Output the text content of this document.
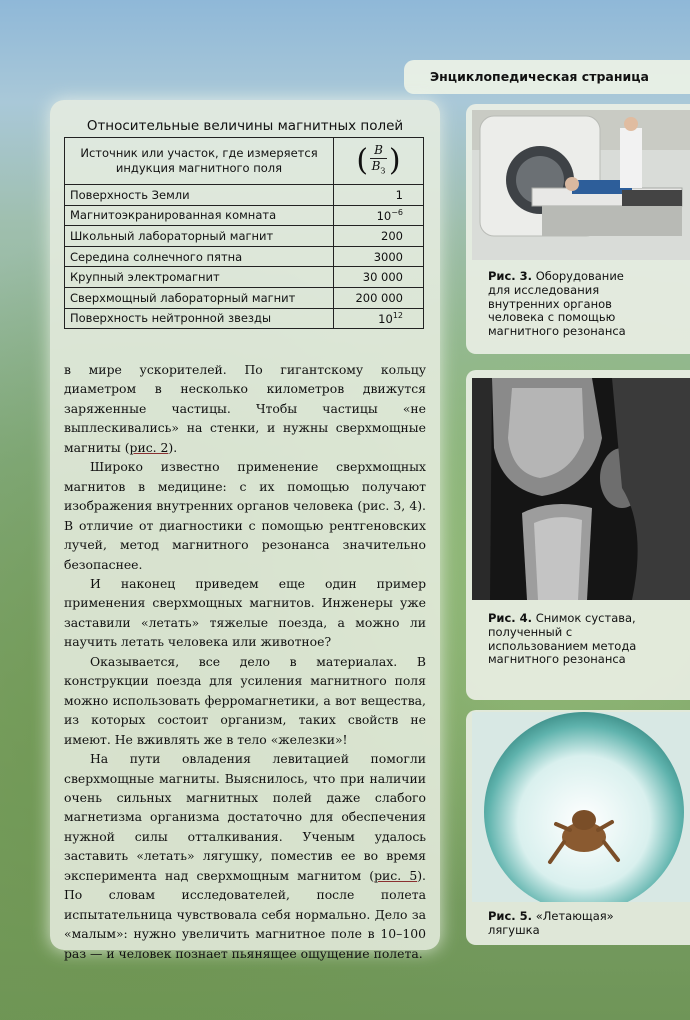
Энциклопедическая страница
Относительные величины магнитных полей
Источник или участок, где измеряется индукция магнитного поля	( $\frac{B}{B_З}$ )

Поверхность Земли	1
Магнитоэкранированная комната	$10^{-6}$
Школьный лабораторный магнит	200
Середина солнечного пятна	3000
Крупный электромагнит	30 000
Сверхмощный лабораторный магнит	200 000
Поверхность нейтронной звезды	$10^{12}$

в мире ускорителей. По гигантскому кольцу диаметром в несколько километров движутся заряженные частицы. Чтобы частицы «не выплескивались» на стенки, и нужны сверхмощные магниты (рис. 2).

Широко известно применение сверхмощных магнитов в медицине: с их помощью получают изображения внутренних органов человека (рис. 3, 4). В отличие от диагностики с помощью рентгеновских лучей, метод магнитного резонанса значительно безопаснее.

И наконец приведем еще один пример применения сверхмощных магнитов. Инженеры уже заставили «летать» тяжелые поезда, а можно ли научить летать человека или животное?

Оказывается, все дело в материалах. В конструкции поезда для усиления магнитного поля можно использовать ферромагнетики, а вот вещества, из которых состоит организм, таких свойств не имеют. Не вживлять же в тело «железки»!

На пути овладения левитацией помогли сверхмощные магниты. Выяснилось, что при наличии очень сильных магнитных полей даже слабого магнетизма организма достаточно для обеспечения нужной силы отталкивания. Ученым удалось заставить «летать» лягушку, поместив ее во время эксперимента над сверхмощным магнитом (рис. 5). По словам исследователей, после полета испытательница чувствовала себя нормально. Дело за «малым»: нужно увеличить магнитное поле в 10–100 раз — и человек познает пьянящее ощущение полета.

Рис. 3. Оборудование для исследования внутренних органов человека с помощью магнитного резонанса
Рис. 4. Снимок сустава, полученный с использованием метода магнитного резонанса
Рис. 5. «Летающая» лягушка
